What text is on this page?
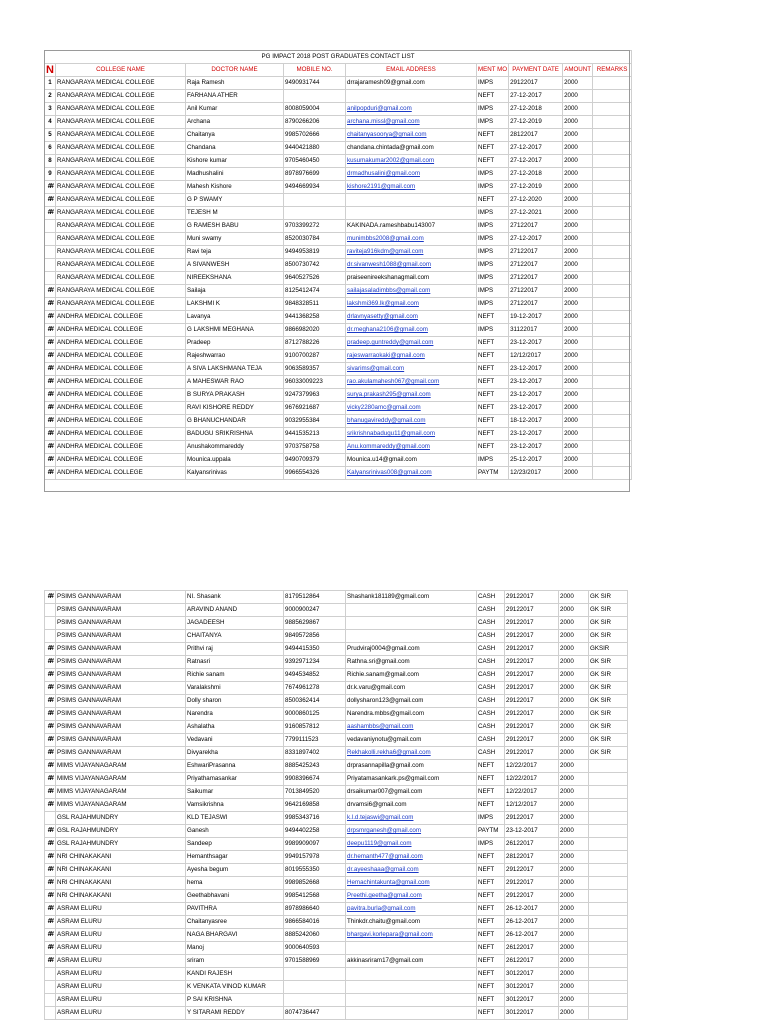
PG IMPACT 2018 POST GRADUATES CONTACT LIST								
N	COLLEGE NAME	DOCTOR NAME	MOBILE NO.	EMAIL ADDRESS	MENT MO	PAYMENT DATE	AMOUNT	REMARKS
1	RANGARAYA MEDICAL COLLEGE	Raja Ramesh	9490931744	drrajaramesh09@gmail.com	IMPS	29122017	2000	
2	RANGARAYA MEDICAL COLLEGE	FARHANA ATHER			NEFT	27-12-2017	2000	
3	RANGARAYA MEDICAL COLLEGE	Anil Kumar	8008059004	anilpopduri@gmail.com	IMPS	27-12-2018	2000	
4	RANGARAYA MEDICAL COLLEGE	Archana	8790266206	archana.missl@gmail.com	IMPS	27-12-2019	2000	
5	RANGARAYA MEDICAL COLLEGE	Chaitanya	9985702666	chaitanyasoorya@gmail.com	NEFT	28122017	2000	
6	RANGARAYA MEDICAL COLLEGE	Chandana	9440421880	chandana.chintada@gmail.com	NEFT	27-12-2017	2000	
8	RANGARAYA MEDICAL COLLEGE	Kishore kumar	9705460450	kusumakumar2002@gmail.com	NEFT	27-12-2017	2000	
9	RANGARAYA MEDICAL COLLEGE	Madhushalini	8978976699	drmadhusalini@gmail.com	IMPS	27-12-2018	2000	
##	RANGARAYA MEDICAL COLLEGE	Mahesh Kishore	9494669934	kishore2191@gmail.com	IMPS	27-12-2019	2000	
##	RANGARAYA MEDICAL COLLEGE	G P SWAMY			NEFT	27-12-2020	2000	
##	RANGARAYA MEDICAL COLLEGE	TEJESH M			IMPS	27-12-2021	2000	
	RANGARAYA MEDICAL COLLEGE	G RAMESH BABU	9703399272	KAKINADA.rameshbabu143007	IMPS	27122017	2000	
	RANGARAYA MEDICAL COLLEGE	Muni swamy	8520030784	munimbbs2008@gmail.com	IMPS	27-12-2017	2000	
	RANGARAYA MEDICAL COLLEGE	Ravi teja	9494953819	raviteja916kdm@gmail.com	IMPS	27122017	2000	
	RANGARAYA MEDICAL COLLEGE	A SIVANWESH	8500730742	dr.sivanwesh1088@gmail.com	IMPS	27122017	2000	
	RANGARAYA MEDICAL COLLEGE	NIREEKSHANA	9640527526	praiseenireekshanagmail.com	IMPS	27122017	2000	
##	RANGARAYA MEDICAL COLLEGE	Sailaja	8125412474	sailajasaladimbbs@gmail.com	IMPS	27122017	2000	
##	RANGARAYA MEDICAL COLLEGE	LAKSHMI K	9848328511	lakshmi369.lk@gmail.com	IMPS	27122017	2000	
##	ANDHRA MEDICAL COLLEGE	Lavanya	9441368258	drlavnyasetty@gmail.com	NEFT	19-12-2017	2000	
##	ANDHRA MEDICAL COLLEGE	G LAKSHMI MEGHANA	9866982020	dr.meghana2106@gmail.com	IMPS	31122017	2000	
##	ANDHRA MEDICAL COLLEGE	Pradeep	8712788226	pradeep.guntreddy@gmail.com	NEFT	23-12-2017	2000	
##	ANDHRA MEDICAL COLLEGE	Rajeshwarrao	9100700287	rajeswarraokaki@gmail.com	NEFT	12/12/2017	2000	
##	ANDHRA MEDICAL COLLEGE	A SIVA LAKSHMANA TEJA	9063589357	sivarims@gmail.com	NEFT	23-12-2017	2000	
##	ANDHRA MEDICAL COLLEGE	A MAHESWAR RAO	96033009223	rao.akulamahesh067@gmail.com	NEFT	23-12-2017	2000	
##	ANDHRA MEDICAL COLLEGE	B SURYA PRAKASH	9247379963	surya.prakash295@gmail.com	NEFT	23-12-2017	2000	
##	ANDHRA MEDICAL COLLEGE	RAVI KISHORE REDDY	9676921687	vicky2280amc@gmail.com	NEFT	23-12-2017	2000	
##	ANDHRA MEDICAL COLLEGE	G BHANUCHANDAR	9032955384	bhanugavireddy@gmail.com	NEFT	18-12-2017	2000	
##	ANDHRA MEDICAL COLLEGE	BADUGU SRIKRISHNA	9441535213	srikrishnabadugu11@gmail.com	NEFT	23-12-2017	2000	
##	ANDHRA MEDICAL COLLEGE	Anushakommareddy	9703758758	Anu.kommareddy@gmail.com	NEFT	23-12-2017	2000	
##	ANDHRA MEDICAL COLLEGE	Mounica.uppala	9490709379	Mounica.u14@gmail.com	IMPS	25-12-2017	2000	
##	ANDHRA MEDICAL COLLEGE	Kalyansrinivas	9966554326	Kalyansrinivas008@gmail.com	PAYTM	12/23/2017	2000	
##	PSIMS GANNAVARAM	NI. Shasank	8179512864	Shashank181189@gmail.com	CASH	29122017	2000	GK SIR
	PSIMS GANNAVARAM	ARAVIND ANAND	9000900247		CASH	29122017	2000	GK SIR
	PSIMS GANNAVARAM	JAGADEESH	9885629867		CASH	29122017	2000	GK SIR
	PSIMS GANNAVARAM	CHAITANYA	9849572856		CASH	29122017	2000	GK SIR
##	PSIMS GANNAVARAM	Prithvi raj	9494415350	Prudviraj0004@gmail.com	CASH	29122017	2000	GKSIR
##	PSIMS GANNAVARAM	Ratnasri	9392971234	Rathna.sri@gmail.com	CASH	29122017	2000	GK SIR
##	PSIMS GANNAVARAM	Richie sanam	9494534852	Richie.sanam@gmail.com	CASH	29122017	2000	GK SIR
##	PSIMS GANNAVARAM	Varalakshmi	7674961278	dr.k.varu@gmail.com	CASH	29122017	2000	GK SIR
##	PSIMS GANNAVARAM	Dolly sharon	8500362414	dollysharon123@gmail.com	CASH	29122017	2000	GK SIR
##	PSIMS GANNAVARAM	Narendra	9000860125	Narendra.mbbs@gmail.com	CASH	29122017	2000	GK SIR
##	PSIMS GANNAVARAM	Ashalatha	9160857812	aashambbs@gmail.com	CASH	29122017	2000	GK SIR
##	PSIMS GANNAVARAM	Vedavani	7799111523	vedavaniynotu@gmail.com	CASH	29122017	2000	GK SIR
##	PSIMS GANNAVARAM	Divyarekha	8331897402	Rekhakolli.rekha6@gmail.com	CASH	29122017	2000	GK SIR
##	MIMS VIJAYANAGARAM	EshwariPrasanna	8885425243	drprasannapilla@gmail.com	NEFT	12/22/2017	2000	
##	MIMS VIJAYANAGARAM	Priyathamasankar	9908396674	Priyatamasankark.ps@gmail.com	NEFT	12/22/2017	2000	
##	MIMS VIJAYANAGARAM	Saikumar	7013849520	drsaikumar007@gmail.com	NEFT	12/22/2017	2000	
##	MIMS VIJAYANAGARAM	Vamsikrishna	9642169858	drvamsi6@gmail.com	NEFT	12/12/2017	2000	
	GSL RAJAHMUNDRY	KLD TEJASWI	9985343716	k.l.d.tejaswi@gmail.com	IMPS	29122017	2000	
##	GSL RAJAHMUNDRY	Ganesh	9494402258	drpsmrganesh@gmail.com	PAYTM	23-12-2017	2000	
##	GSL RAJAHMUNDRY	Sandeep	9989909097	deepu1119@gmail.com	IMPS	26122017	2000	
##	NRI CHINAKAKANI	Hemanthsagar	9949157978	dr.hemanth477@gmail.com	NEFT	28122017	2000	
##	NRI CHINAKAKANI	Ayesha begum	8019555350	dr.ayeeshaaa@gmail.com	NEFT	29122017	2000	
##	NRI CHINAKAKANI	hema	9989852668	Hemachintakunta@gmail.com	NEFT	29122017	2000	
##	NRI CHINAKAKANI	Geethabhavani	9985412568	Preethi.geetha@gmail.com	NEFT	29122017	2000	
##	ASRAM ELURU	PAVITHRA	8978986640	pavitra.burla@gmail.com	NEFT	26-12-2017	2000	
##	ASRAM ELURU	Chaitanyasree	9866584016	Thinkdr.chaitu@gmail.com	NEFT	26-12-2017	2000	
##	ASRAM ELURU	NAGA BHARGAVI	8885242060	bhargavi.korlepara@gmail.com	NEFT	26-12-2017	2000	
##	ASRAM ELURU	Manoj	9000640593		NEFT	26122017	2000	
##	ASRAM ELURU	sriram	9701588969	akkinasriram17@gmail.com	NEFT	26122017	2000	
	ASRAM ELURU	KANDI RAJESH			NEFT	30122017	2000	
	ASRAM ELURU	K VENKATA VINOD KUMAR			NEFT	30122017	2000	
	ASRAM ELURU	P SAI KRISHNA			NEFT	30122017	2000	
	ASRAM ELURU	Y SITARAMI REDDY	8074736447		NEFT	30122017	2000	
